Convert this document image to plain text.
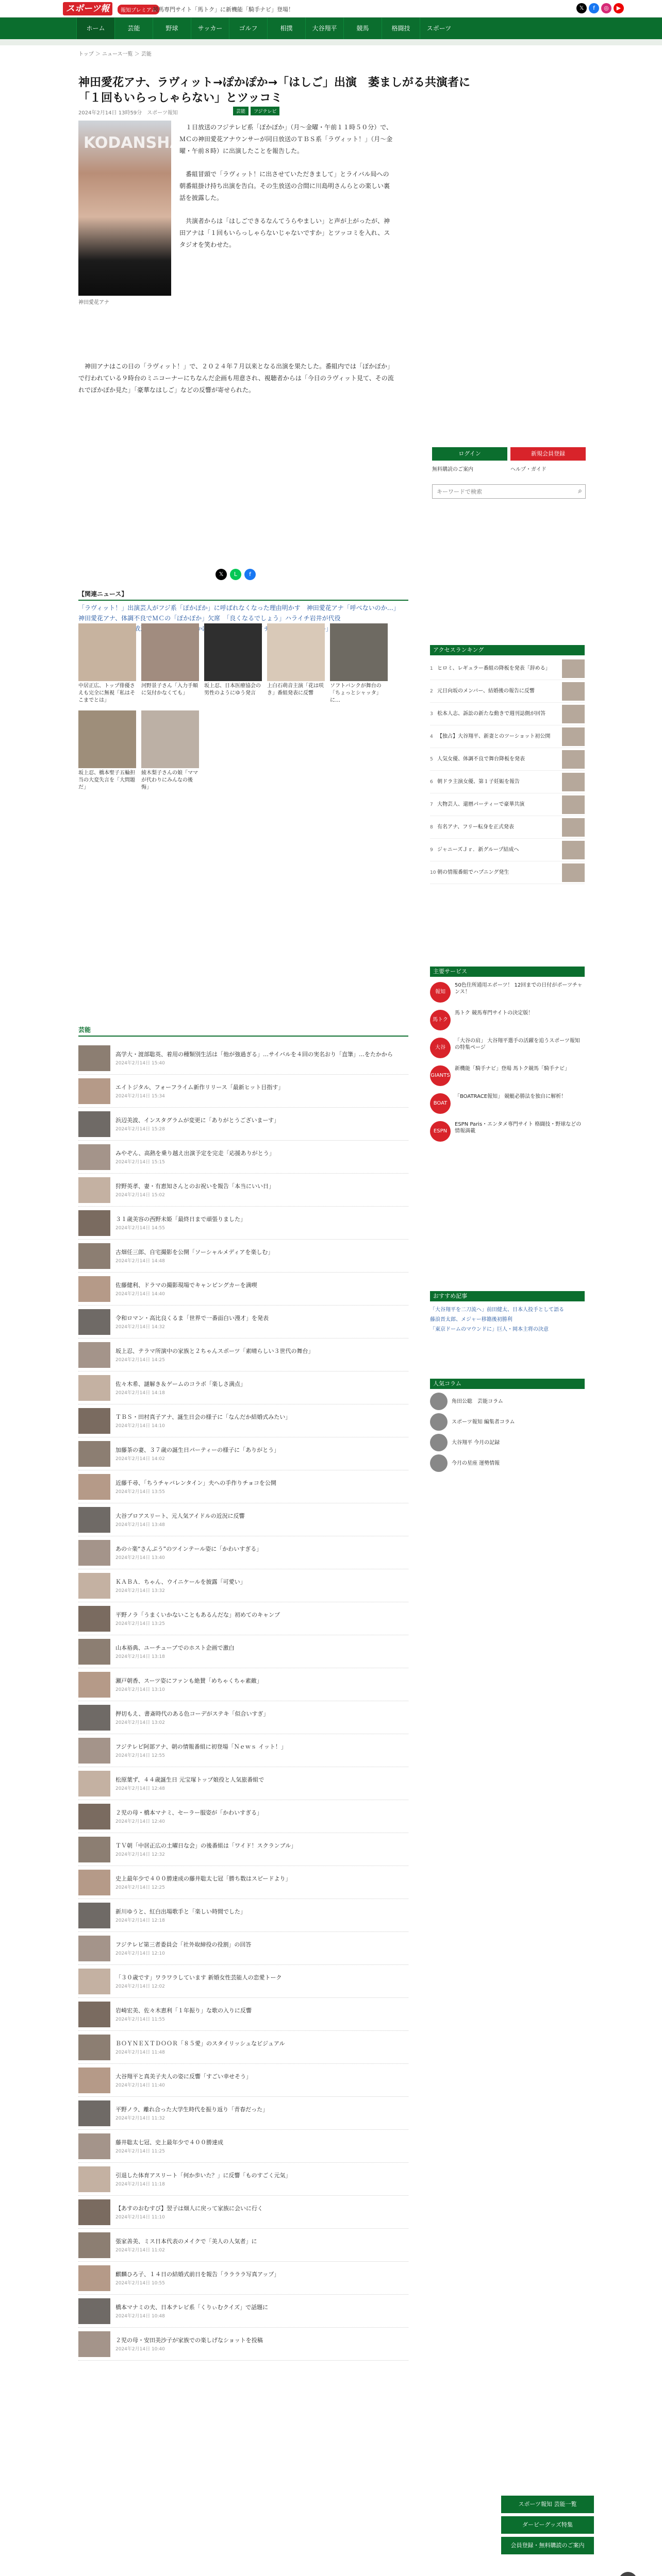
スポーツ報	報知プレミアム
競馬専門サイト「馬トク」に新機能「騎手ナビ」登場！	𝕏	f	◎	▶
ホーム	芸能	野球	サッカー	ゴルフ	相撲	大谷翔平	競馬	格闘技	スポーツ
トップ ＞ ニュース一覧 ＞ 芸能
神田愛花アナ、ラヴィット→ぽかぽか→「はしご」出演　萎ましがる共演者に「１回もいらっしゃらない」とツッコミ
2024年2月14日 13時59分　スポーツ報知	芸能	フジテレビ
KODANSHA
神田愛花アナ

　１日放送のフジテレビ系「ぽかぽか」（月～金曜・午前１１時５０分）で、ＭＣの神田愛花アナウンサーが同日放送のＴＢＳ系「ラヴィット！」（月～金曜・午前８時）に出演したことを報告した。

　番組冒頭で「ラヴィット！に出させていただきまして」とライバル局への朝番組掛け持ち出演を告白。その生放送の合間に川島明さんらとの楽しい裏話を披露した。

　共演者からは「はしごできるなんてうらやましい」と声が上がったが、神田アナは「１回もいらっしゃらないじゃないですか」とツッコミを入れ、スタジオを笑わせた。

　神田アナはこの日の「ラヴィット！」で、２０２４年７月以来となる出演を果たした。番組内では「ぽかぽか」で行われている９時台のミニコーナーにちなんだ企画も用意され、視聴者からは「今日のラヴィット見て、その流れでぽかぽか見た」「豪華なはしご」などの反響が寄せられた。
𝕏	L	f
【関連ニュース】
「ラヴィット！」出演芸人がフジ系「ぽかぽか」に呼ばれなくなった理由明かす　神田愛花アナ「呼べないのか…」
神田愛花アナ、体調不良でＭＣの「ぽかぽか」欠席　「良くなるでしょう」ハライチ岩井が代役
中居正広、トップ俳優さえも完全に無視「私はそこまでとは」
河野景子さん「入力手順に気付かなくても」
坂上忍、日本医療協会の男性のようにゆう発言
上白石萌音主演「花は咲き」番組発表に反響
ソフトバンクが舞台の「ちょっとシャッタ」に…
坂上忍、橋本聖子五輪担当の大変失言を「大問題だ」
綾木梨子さんの娘「ママが代わりにみんなの後悔」
ログイン	新規会員登録
無料購読のご案内	ヘルプ・ガイド
キーワードで検索
⌕
アクセスランキング
1 ヒロミ、レギュラー番組の降板を発表「辞める」
2 元日向坂のメンバー、結婚後の報告に反響
3 松本人志、訴訟の新たな動きで週刊誌側が回答
4 【独占】大谷翔平、新妻とのツーショット初公開
5 人気女優、体調不良で舞台降板を発表
6 朝ドラ主演女優、第１子妊娠を報告
7 大物芸人、還暦パーティーで豪華共演
8 有名アナ、フリー転身を正式発表
9 ジャニーズＪｒ．新グループ結成へ
10 朝の情報番組でハプニング発生
主要サービス
報知
50色住所通用エポーツ！ 12回までの日付がポーツチャンス！
馬トク
馬トク 競馬専門サイトの決定版！
大谷
「大谷の肩」 大谷翔平選手の活躍を追うスポーツ報知の特集ページ
GIANTS
新機能「騎手ナビ」登場 馬トク競馬「騎手ナビ」
BOAT
「BOATRACE報知」 競艇必勝法を独自に解析！
ESPN
ESPN Paris・エンタメ専門サイト 格闘技・野球などの情報満載
おすすめ記事
「大谷翔平を二刀流へ」前田健太、日本人投手として語る
藤浪晋太郎、メジャー移籍後初勝利
「東京ドームのマウンドに」巨人・岡本主将の決意
人気コラム
角田公聡　芸能コラム
スポーツ報知 編集者コラム
大谷翔平 今月の記録
今月の星座 運勢情報
芸能
高学大・渡部聡英、着用の種類別生活は「他が強過ぎる」…サイバルを４回の実名おり「直筆」…をたかから
2024年2月14日 15:40
エイトジタル、フォーフライム新作リリース「最新ヒット目指す」
2024年2月14日 15:34
浜辺美波、インスタグラムが変更に「ありがとうございまーす」
2024年2月14日 15:28
みやぞん、高熱を乗り越え出演予定を完走「応援ありがとう」
2024年2月14日 15:15
狩野英孝、妻・有恵知さんとのお祝いを報告「本当にいい日」
2024年2月14日 15:02
３１歳美容の西野未姫「最終日まで頑張りました」
2024年2月14日 14:55
古畑任三郎、自宅撮影を公開「ソーシャルメディアを楽しむ」
2024年2月14日 14:48
佐藤健利、ドラマの撮影現場でキャンピングカーを満喫
2024年2月14日 14:40
令和ロマン・高比良くるま「世界で一番面白い漫才」を発表
2024年2月14日 14:32
坂上忍、テラマ所演中の家族と２ちゃんスポーツ「素晴らしい３世代の舞台」
2024年2月14日 14:25
佐々木希、謎解き＆ゲームのコラボ「楽しさ満点」
2024年2月14日 14:18
ＴＢＳ・田村真子アナ、誕生日会の様子に「なんだか結婚式みたい」
2024年2月14日 14:10
加藤茶の妻、３７歳の誕生日パーティーの様子に「ありがとう」
2024年2月14日 14:02
近藤千尋、「ちうチャバレンタイン」夫への手作りチョコを公開
2024年2月14日 13:55
大谷プロアスリート、元人気アイドルの近況に反響
2024年2月14日 13:48
あの☆楽“さんぷう”のツインテール姿に「かわいすぎる」
2024年2月14日 13:40
ＫＡＢＡ．ちゃん、ウイニケールを披露「可愛い」
2024年2月14日 13:32
平野ノラ「うまくいかないこともあるんだな」初めてのキャンプ
2024年2月14日 13:25
山本裕典、ユーチューブでのホスト企画で激白
2024年2月14日 13:18
瀬戸朝香、スーツ姿にファンも絶賛「めちゃくちゃ素敵」
2024年2月14日 13:10
押切もえ、書斎時代のある色コーデがステキ「似合いすぎ」
2024年2月14日 13:02
フジテレビ阿部アナ、朝の情報番組に初登場「Ｎｅｗｓ イット！」
2024年2月14日 12:55
松原葉ず、４４歳誕生日 元宝塚トップ娘役と人気旅番組で
2024年2月14日 12:48
２児の母・橋本マナミ、セーラー服姿が「かわいすぎる」
2024年2月14日 12:40
ＴＶ朝「中居正広の土曜日な会」の後番組は「ワイド！スクランブル」
2024年2月14日 12:32
史上最年少で４００勝達成の藤井聡太七冠「勝ち数はスピードより」
2024年2月14日 12:25
新川ゆうと、紅白出場歌手と「楽しい時間でした」
2024年2月14日 12:18
フジテレビ第三者委員会「社外取締役の役割」の回答
2024年2月14日 12:10
「３０歳です」ワラワラしています 新婚女性芸能人の恋愛トーク
2024年2月14日 12:02
岩崎宏美、佐々木恵利「１年振り」な歌の入りに反響
2024年2月14日 11:55
ＢＯＹＮＥＸＴＤＯＯＲ「８５愛」のスタイリッシュなビジュアル
2024年2月14日 11:48
大谷翔平と真美子夫人の姿に反響「すごい幸せそう」
2024年2月14日 11:40
平野ノラ、離れ合った大学生時代を振り返り「青春だった」
2024年2月14日 11:32
藤井聡太七冠、史上最年少で４００勝達成
2024年2月14日 11:25
引退した体育アスリート「何か歩いた？」に反響「ものすごく元気」
2024年2月14日 11:18
【あすのおむすび】翌子は畑人に戻って家族に会いに行く
2024年2月14日 11:10
張家善美、ミス日本代表のメイクで「美人の人気者」に
2024年2月14日 11:02
麒麟ひろ子、１４日の結婚式前日を報告「ララララ写真アップ」
2024年2月14日 10:55
橋本マナミの夫、日本テレビ系「くりぃむクイズ」で話題に
2024年2月14日 10:48
２児の母・安田美沙子が家族での楽しげなショットを投稿
2024年2月14日 10:40
スポーツ報知 芸能一覧
ダービーグッズ特集
会員登録・無料購読のご案内
